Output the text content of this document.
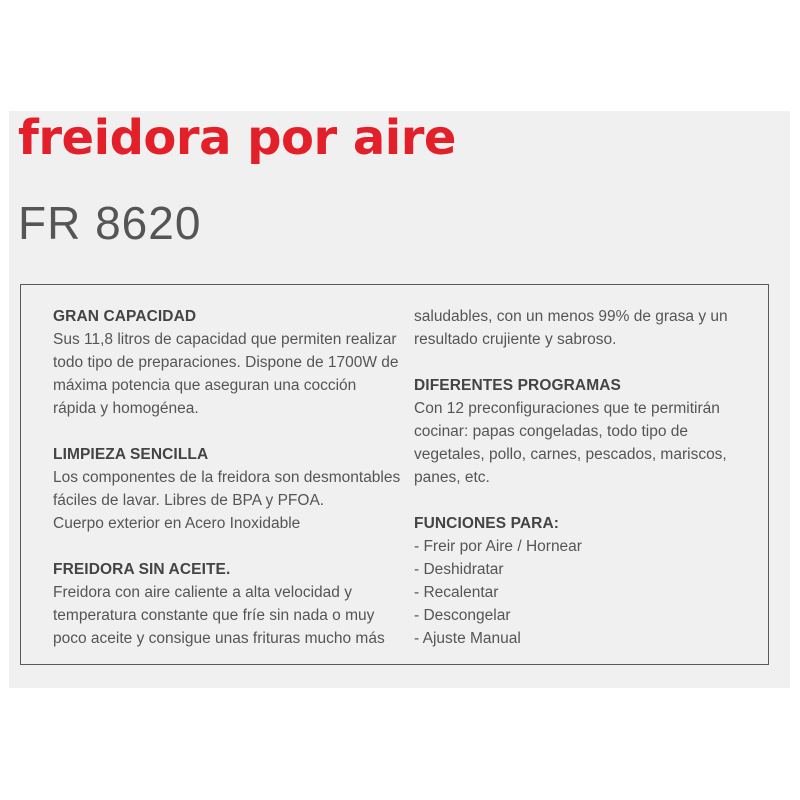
freidora por aire
FR 8620
GRAN CAPACIDAD
Sus 11,8 litros de capacidad que permiten realizar
todo tipo de preparaciones. Dispone de 1700W de
máxima potencia que aseguran una cocción
rápida y homogénea.
LIMPIEZA SENCILLA
Los componentes de la freidora son desmontables
fáciles de lavar. Libres de BPA y PFOA.
Cuerpo exterior en Acero Inoxidable
FREIDORA SIN ACEITE.
Freidora con aire caliente a alta velocidad y
temperatura constante que fríe sin nada o muy
poco aceite y consigue unas frituras mucho más
saludables, con un menos 99% de grasa y un
resultado crujiente y sabroso.
DIFERENTES PROGRAMAS
Con 12 preconfiguraciones que te permitirán
cocinar: papas congeladas, todo tipo de
vegetales, pollo, carnes, pescados, mariscos,
panes, etc.
FUNCIONES PARA:
- Freir por Aire / Hornear
- Deshidratar
- Recalentar
- Descongelar
- Ajuste Manual
